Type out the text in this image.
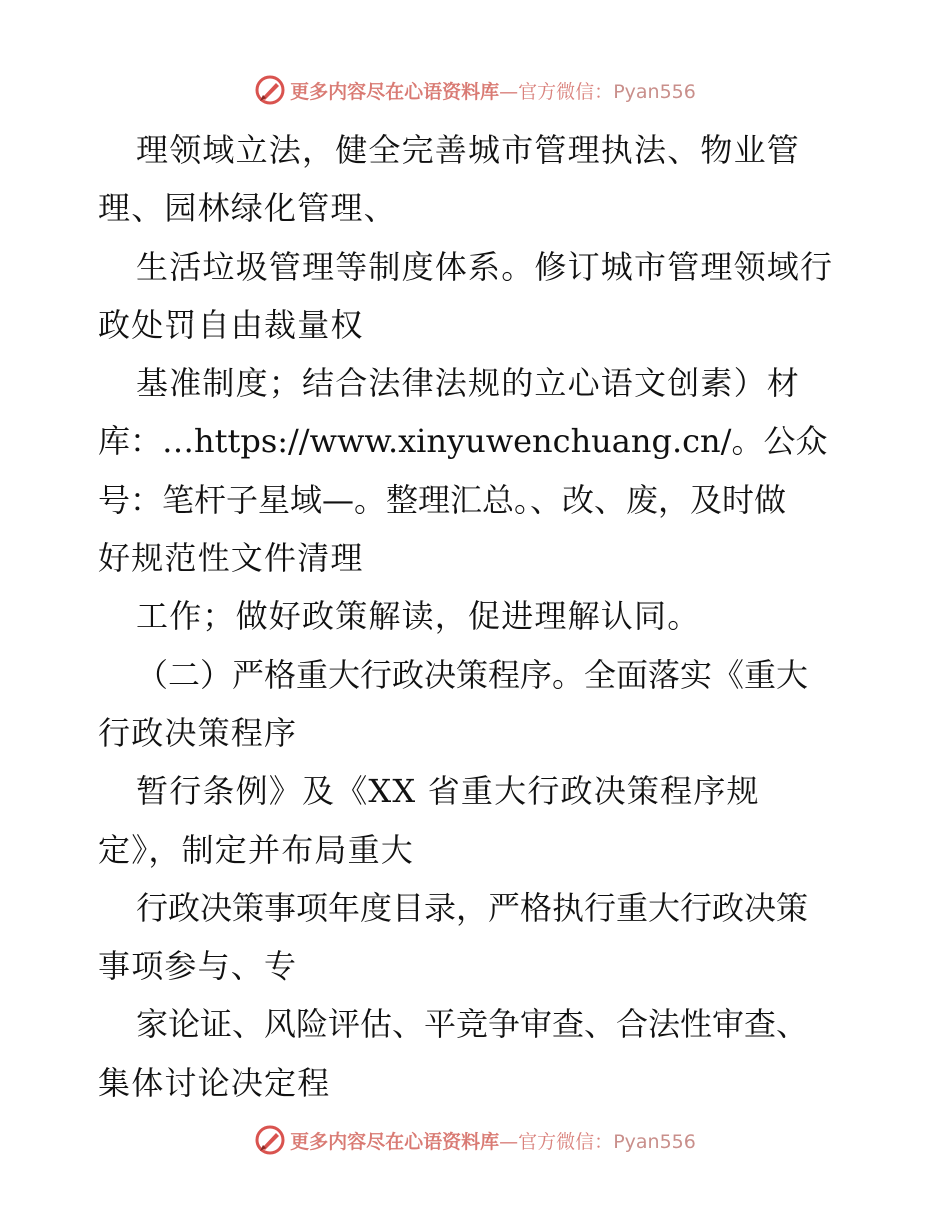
更多内容尽在心语资料库—官方微信：Pyan556
理领域立法，健全完善城市管理执法、物业管
理、园林绿化管理、
生活垃圾管理等制度体系。修订城市管理领域行
政处罚自由裁量权
基准制度；结合法律法规的立心语文创素）材
库：…https://www.xinyuwenchuang.cn/。公众
号：笔杆子星域—。整理汇总。、改、废，及时做
好规范性文件清理
工作；做好政策解读，促进理解认同。
（二）严格重大行政决策程序。全面落实《重大
行政决策程序
暂行条例》及《XX 省重大行政决策程序规
定》，制定并布局重大
行政决策事项年度目录，严格执行重大行政决策
事项参与、专
家论证、风险评估、平竞争审查、合法性审查、
集体讨论决定程
更多内容尽在心语资料库—官方微信：Pyan556
